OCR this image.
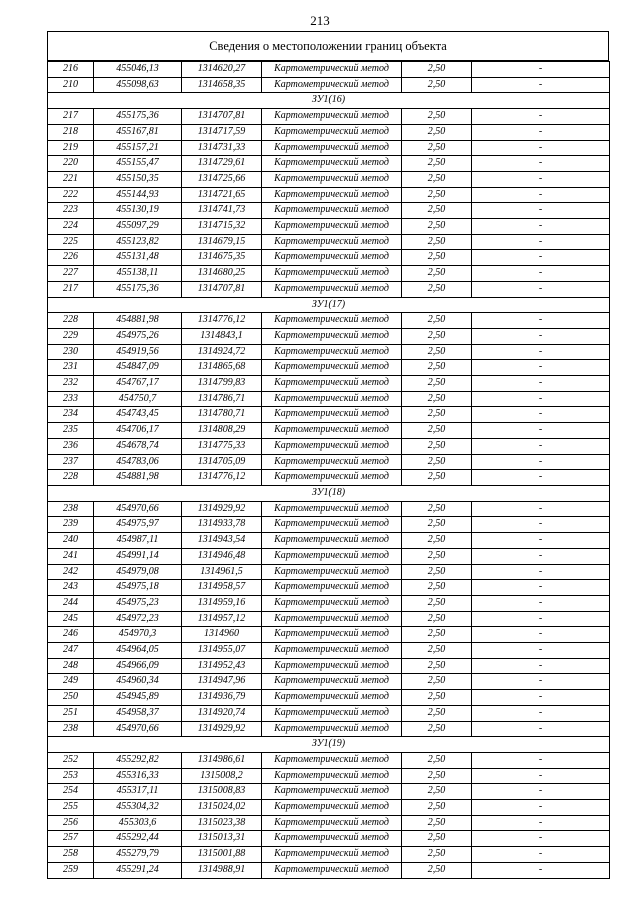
213
Сведения о местоположении границ объекта
216	455046,13	1314620,27	Картометрический метод	2,50	-
210	455098,63	1314658,35	Картометрический метод	2,50	-
ЗУ1(16)					
217	455175,36	1314707,81	Картометрический метод	2,50	-
218	455167,81	1314717,59	Картометрический метод	2,50	-
219	455157,21	1314731,33	Картометрический метод	2,50	-
220	455155,47	1314729,61	Картометрический метод	2,50	-
221	455150,35	1314725,66	Картометрический метод	2,50	-
222	455144,93	1314721,65	Картометрический метод	2,50	-
223	455130,19	1314741,73	Картометрический метод	2,50	-
224	455097,29	1314715,32	Картометрический метод	2,50	-
225	455123,82	1314679,15	Картометрический метод	2,50	-
226	455131,48	1314675,35	Картометрический метод	2,50	-
227	455138,11	1314680,25	Картометрический метод	2,50	-
217	455175,36	1314707,81	Картометрический метод	2,50	-
ЗУ1(17)					
228	454881,98	1314776,12	Картометрический метод	2,50	-
229	454975,26	1314843,1	Картометрический метод	2,50	-
230	454919,56	1314924,72	Картометрический метод	2,50	-
231	454847,09	1314865,68	Картометрический метод	2,50	-
232	454767,17	1314799,83	Картометрический метод	2,50	-
233	454750,7	1314786,71	Картометрический метод	2,50	-
234	454743,45	1314780,71	Картометрический метод	2,50	-
235	454706,17	1314808,29	Картометрический метод	2,50	-
236	454678,74	1314775,33	Картометрический метод	2,50	-
237	454783,06	1314705,09	Картометрический метод	2,50	-
228	454881,98	1314776,12	Картометрический метод	2,50	-
ЗУ1(18)					
238	454970,66	1314929,92	Картометрический метод	2,50	-
239	454975,97	1314933,78	Картометрический метод	2,50	-
240	454987,11	1314943,54	Картометрический метод	2,50	-
241	454991,14	1314946,48	Картометрический метод	2,50	-
242	454979,08	1314961,5	Картометрический метод	2,50	-
243	454975,18	1314958,57	Картометрический метод	2,50	-
244	454975,23	1314959,16	Картометрический метод	2,50	-
245	454972,23	1314957,12	Картометрический метод	2,50	-
246	454970,3	1314960	Картометрический метод	2,50	-
247	454964,05	1314955,07	Картометрический метод	2,50	-
248	454966,09	1314952,43	Картометрический метод	2,50	-
249	454960,34	1314947,96	Картометрический метод	2,50	-
250	454945,89	1314936,79	Картометрический метод	2,50	-
251	454958,37	1314920,74	Картометрический метод	2,50	-
238	454970,66	1314929,92	Картометрический метод	2,50	-
ЗУ1(19)					
252	455292,82	1314986,61	Картометрический метод	2,50	-
253	455316,33	1315008,2	Картометрический метод	2,50	-
254	455317,11	1315008,83	Картометрический метод	2,50	-
255	455304,32	1315024,02	Картометрический метод	2,50	-
256	455303,6	1315023,38	Картометрический метод	2,50	-
257	455292,44	1315013,31	Картометрический метод	2,50	-
258	455279,79	1315001,88	Картометрический метод	2,50	-
259	455291,24	1314988,91	Картометрический метод	2,50	-
